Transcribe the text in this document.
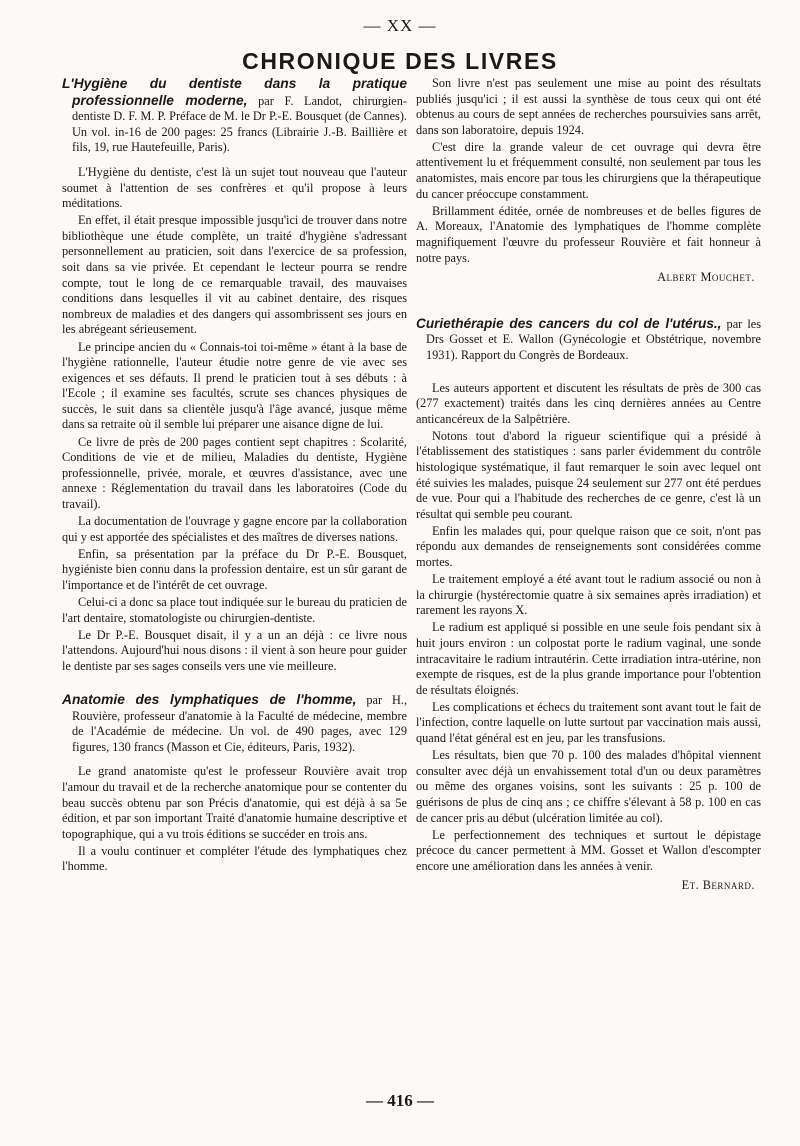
— XX —
CHRONIQUE DES LIVRES

L'Hygiène du dentiste dans la pratique professionnelle moderne, par F. Landot, chirurgien-dentiste D. F. M. P. Préface de M. le Dr P.-E. Bousquet (de Cannes). Un vol. in-16 de 200 pages: 25 francs (Librairie J.-B. Baillière et fils, 19, rue Hautefeuille, Paris).

L'Hygiène du dentiste, c'est là un sujet tout nouveau que l'auteur soumet à l'attention de ses confrères et qu'il propose à leurs méditations.

En effet, il était presque impossible jusqu'ici de trouver dans notre bibliothèque une étude complète, un traité d'hygiène s'adressant personnellement au praticien, soit dans l'exercice de sa profession, soit dans sa vie privée. Et cependant le lecteur pourra se rendre compte, tout le long de ce remarquable travail, des mauvaises conditions dans lesquelles il vit au cabinet dentaire, des risques nombreux de maladies et des dangers qui assombrissent ses jours en les abrégeant sérieusement.

Le principe ancien du « Connais-toi toi-même » étant à la base de l'hygiène rationnelle, l'auteur étudie notre genre de vie avec ses exigences et ses défauts. Il prend le praticien tout à ses débuts : à l'Ecole ; il examine ses facultés, scrute ses chances physiques de succès, le suit dans sa clientèle jusqu'à l'âge avancé, jusque même dans sa retraite où il semble lui préparer une aisance digne de lui.

Ce livre de près de 200 pages contient sept chapitres : Scolarité, Conditions de vie et de milieu, Maladies du dentiste, Hygiène professionnelle, privée, morale, et œuvres d'assistance, avec une annexe : Réglementation du travail dans les laboratoires (Code du travail).

La documentation de l'ouvrage y gagne encore par la collaboration qui y est apportée des spécialistes et des maîtres de diverses nations.

Enfin, sa présentation par la préface du Dr P.-E. Bousquet, hygiéniste bien connu dans la profession dentaire, est un sûr garant de l'importance et de l'intérêt de cet ouvrage.

Celui-ci a donc sa place tout indiquée sur le bureau du praticien de l'art dentaire, stomatologiste ou chirurgien-dentiste.

Le Dr P.-E. Bousquet disait, il y a un an déjà : ce livre nous l'attendons. Aujourd'hui nous disons : il vient à son heure pour guider le dentiste par ses sages conseils vers une vie meilleure.

Anatomie des lymphatiques de l'homme, par H., Rouvière, professeur d'anatomie à la Faculté de médecine, membre de l'Académie de médecine. Un vol. de 490 pages, avec 129 figures, 130 francs (Masson et Cie, éditeurs, Paris, 1932).

Le grand anatomiste qu'est le professeur Rouvière avait trop l'amour du travail et de la recherche anatomique pour se contenter du beau succès obtenu par son Précis d'anatomie, qui est déjà à sa 5e édition, et par son important Traité d'anatomie humaine descriptive et topographique, qui a vu trois éditions se succéder en trois ans.

Il a voulu continuer et compléter l'étude des lymphatiques chez l'homme.

Son livre n'est pas seulement une mise au point des résultats publiés jusqu'ici ; il est aussi la synthèse de tous ceux qui ont été obtenus au cours de sept années de recherches poursuivies sans arrêt, dans son laboratoire, depuis 1924.

C'est dire la grande valeur de cet ouvrage qui devra être attentivement lu et fréquemment consulté, non seulement par tous les anatomistes, mais encore par tous les chirurgiens que la thérapeutique du cancer préoccupe constamment.

Brillamment éditée, ornée de nombreuses et de belles figures de A. Moreaux, l'Anatomie des lymphatiques de l'homme complète magnifiquement l'œuvre du professeur Rouvière et fait honneur à notre pays.

Albert Mouchet.

Curiethérapie des cancers du col de l'utérus., par les Drs Gosset et E. Wallon (Gynécologie et Obstétrique, novembre 1931). Rapport du Congrès de Bordeaux.

Les auteurs apportent et discutent les résultats de près de 300 cas (277 exactement) traités dans les cinq dernières années au Centre anticancéreux de la Salpêtrière.

Notons tout d'abord la rigueur scientifique qui a présidé à l'établissement des statistiques : sans parler évidemment du contrôle histologique systématique, il faut remarquer le soin avec lequel ont été suivies les malades, puisque 24 seulement sur 277 ont été perdues de vue. Pour qui a l'habitude des recherches de ce genre, c'est là un résultat qui semble peu courant.

Enfin les malades qui, pour quelque raison que ce soit, n'ont pas répondu aux demandes de renseignements sont considérées comme mortes.

Le traitement employé a été avant tout le radium associé ou non à la chirurgie (hystérectomie quatre à six semaines après irradiation) et rarement les rayons X.

Le radium est appliqué si possible en une seule fois pendant six à huit jours environ : un colpostat porte le radium vaginal, une sonde intracavitaire le radium intrautérin. Cette irradiation intra-utérine, non exempte de risques, est de la plus grande importance pour l'obtention de résultats éloignés.

Les complications et échecs du traitement sont avant tout le fait de l'infection, contre laquelle on lutte surtout par vaccination mais aussi, quand l'état général est en jeu, par les transfusions.

Les résultats, bien que 70 p. 100 des malades d'hôpital viennent consulter avec déjà un envahissement total d'un ou deux paramètres ou même des organes voisins, sont les suivants : 25 p. 100 de guérisons de plus de cinq ans ; ce chiffre s'élevant à 58 p. 100 en cas de cancer pris au début (ulcération limitée au col).

Le perfectionnement des techniques et surtout le dépistage précoce du cancer permettent à MM. Gosset et Wallon d'escompter encore une amélioration dans les années à venir.

Et. Bernard.

— 416 —
